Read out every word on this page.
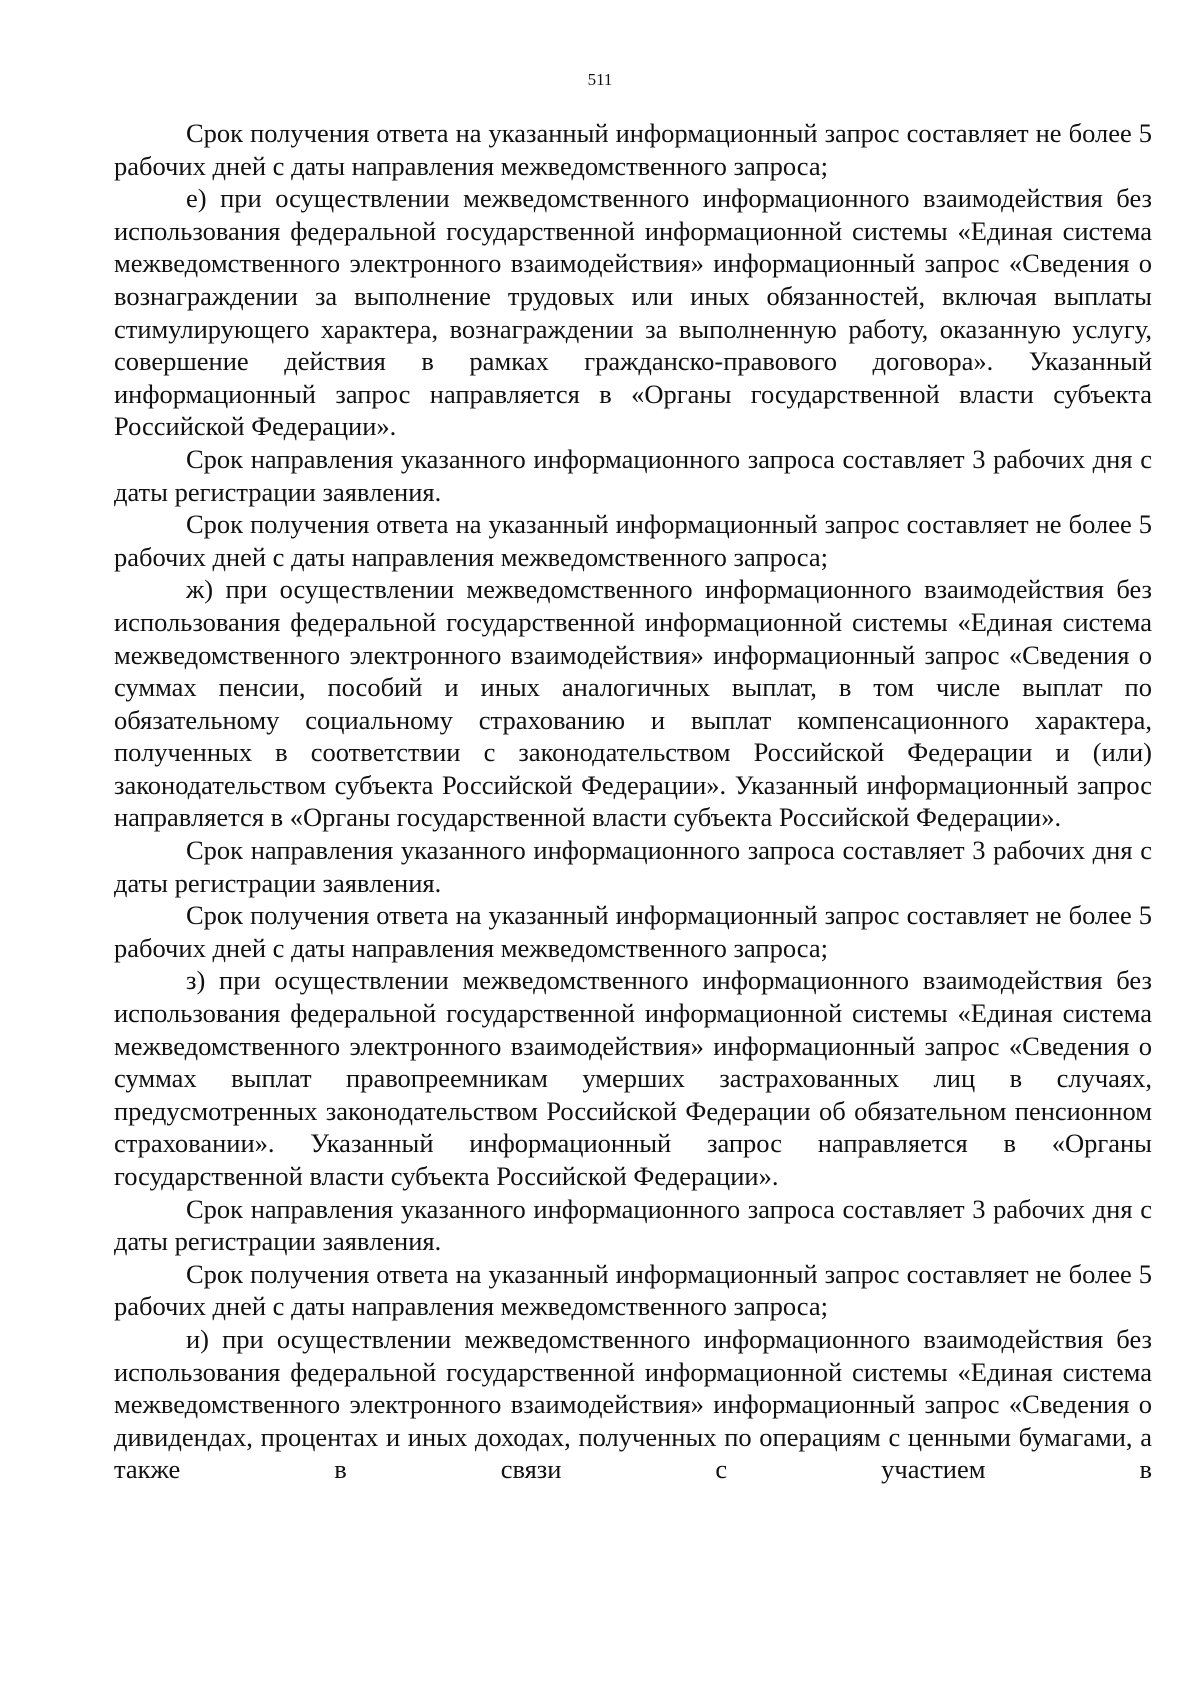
511

Срок получения ответа на указанный информационный запрос составляет не более 5 рабочих дней с даты направления межведомственного запроса;

е) при осуществлении межведомственного информационного взаимодействия без использования федеральной государственной информационной системы «Единая система межведомственного электронного взаимодействия» информационный запрос «Сведения о вознаграждении за выполнение трудовых или иных обязанностей, включая выплаты стимулирующего характера, вознаграждении за выполненную работу, оказанную услугу, совершение действия в рамках гражданско-правового договора». Указанный информационный запрос направляется в «Органы государственной власти субъекта Российской Федерации».

Срок направления указанного информационного запроса составляет 3 рабочих дня с даты регистрации заявления.

Срок получения ответа на указанный информационный запрос составляет не более 5 рабочих дней с даты направления межведомственного запроса;

ж) при осуществлении межведомственного информационного взаимодействия без использования федеральной государственной информационной системы «Единая система межведомственного электронного взаимодействия» информационный запрос «Сведения о суммах пенсии, пособий и иных аналогичных выплат, в том числе выплат по обязательному социальному страхованию и выплат компенсационного характера, полученных в соответствии с законодательством Российской Федерации и (или) законодательством субъекта Российской Федерации». Указанный информационный запрос направляется в «Органы государственной власти субъекта Российской Федерации».

Срок направления указанного информационного запроса составляет 3 рабочих дня с даты регистрации заявления.

Срок получения ответа на указанный информационный запрос составляет не более 5 рабочих дней с даты направления межведомственного запроса;

з) при осуществлении межведомственного информационного взаимодействия без использования федеральной государственной информационной системы «Единая система межведомственного электронного взаимодействия» информационный запрос «Сведения о суммах выплат правопреемникам умерших застрахованных лиц в случаях, предусмотренных законодательством Российской Федерации об обязательном пенсионном страховании». Указанный информационный запрос направляется в «Органы государственной власти субъекта Российской Федерации».

Срок направления указанного информационного запроса составляет 3 рабочих дня с даты регистрации заявления.

Срок получения ответа на указанный информационный запрос составляет не более 5 рабочих дней с даты направления межведомственного запроса;

и) при осуществлении межведомственного информационного взаимодействия без использования федеральной государственной информационной системы «Единая система межведомственного электронного взаимодействия» информационный запрос «Сведения о дивидендах, процентах и иных доходах, полученных по операциям с ценными бумагами, а также в связи с участием в
